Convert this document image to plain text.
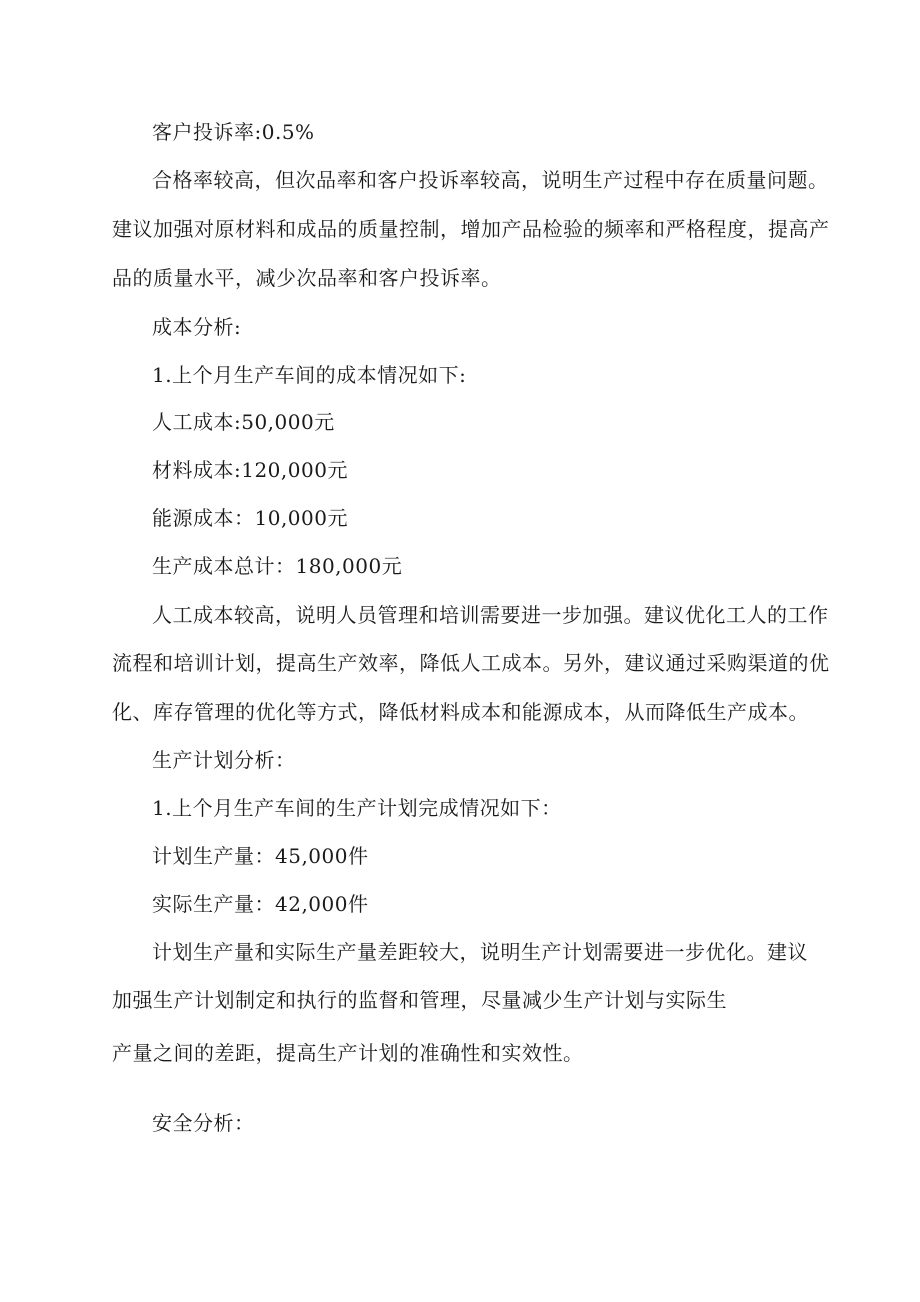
客户投诉率:0.5%
合格率较高，但次品率和客户投诉率较高，说明生产过程中存在质量问题。
建议加强对原材料和成品的质量控制，增加产品检验的频率和严格程度，提高产
品的质量水平，减少次品率和客户投诉率。
成本分析:
1.上个月生产车间的成本情况如下:
人工成本:50,000元
材料成本:120,000元
能源成本：10,000元
生产成本总计：180,000元
人工成本较高，说明人员管理和培训需要进一步加强。建议优化工人的工作
流程和培训计划，提高生产效率，降低人工成本。另外，建议通过采购渠道的优
化、库存管理的优化等方式，降低材料成本和能源成本，从而降低生产成本。
生产计划分析：
1.上个月生产车间的生产计划完成情况如下：
计划生产量：45,000件
实际生产量：42,000件
计划生产量和实际生产量差距较大，说明生产计划需要进一步优化。建议
加强生产计划制定和执行的监督和管理，尽量减少生产计划与实际生
产量之间的差距，提高生产计划的准确性和实效性。
安全分析：
